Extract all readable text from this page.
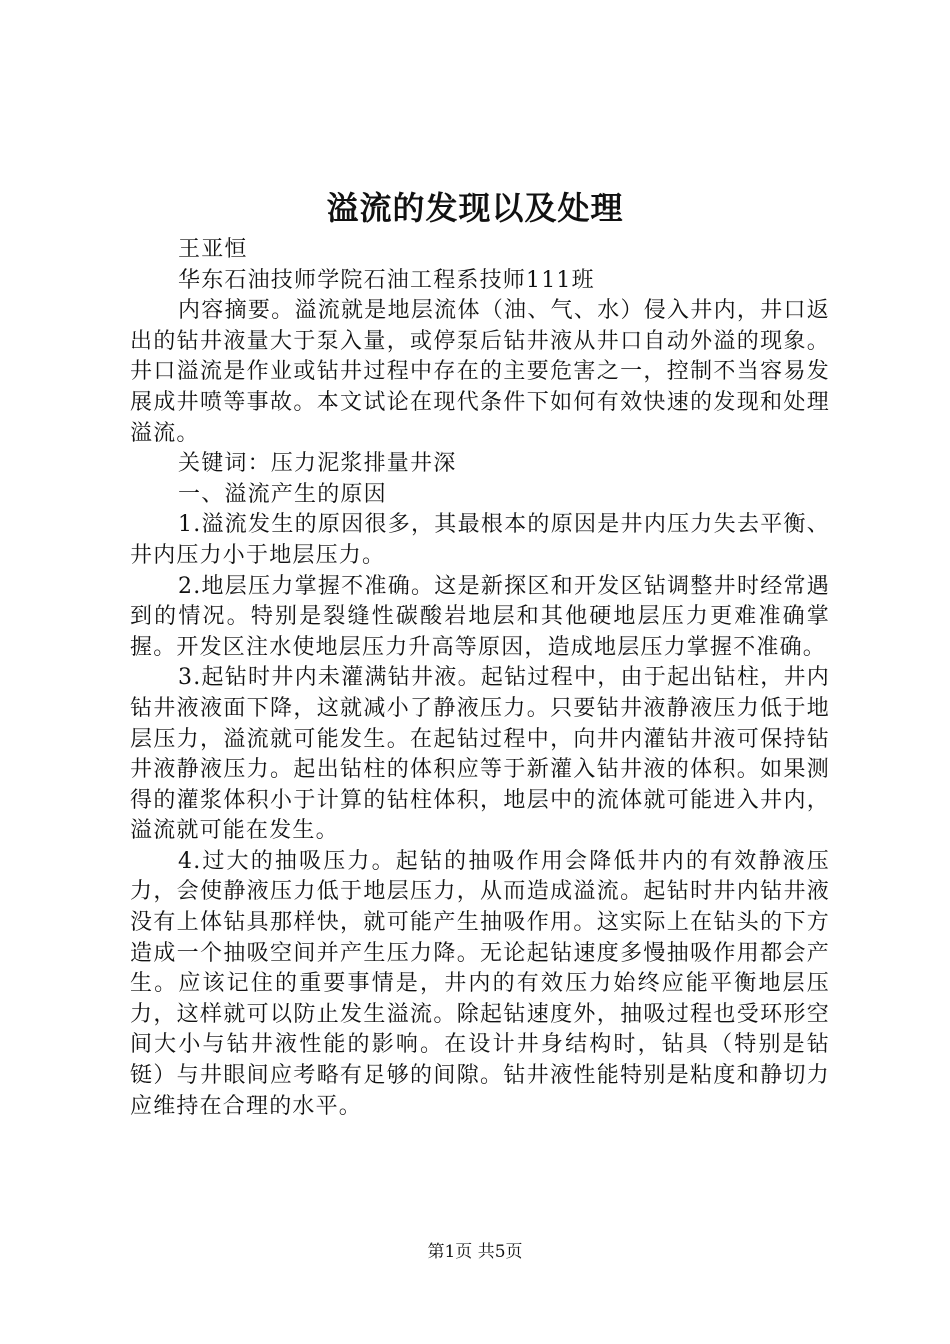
溢流的发现以及处理

王亚恒

华东石油技师学院石油工程系技师111班

内容摘要。溢流就是地层流体（油、气、水）侵入井内，井口返出的钻井液量大于泵入量，或停泵后钻井液从井口自动外溢的现象。井口溢流是作业或钻井过程中存在的主要危害之一，控制不当容易发展成井喷等事故。本文试论在现代条件下如何有效快速的发现和处理溢流。

关键词：压力泥浆排量井深

一、溢流产生的原因

1.溢流发生的原因很多，其最根本的原因是井内压力失去平衡、井内压力小于地层压力。

2.地层压力掌握不准确。这是新探区和开发区钻调整井时经常遇到的情况。特别是裂缝性碳酸岩地层和其他硬地层压力更难准确掌握。开发区注水使地层压力升高等原因，造成地层压力掌握不准确。

3.起钻时井内未灌满钻井液。起钻过程中，由于起出钻柱，井内钻井液液面下降，这就减小了静液压力。只要钻井液静液压力低于地层压力，溢流就可能发生。在起钻过程中，向井内灌钻井液可保持钻井液静液压力。起出钻柱的体积应等于新灌入钻井液的体积。如果测得的灌浆体积小于计算的钻柱体积，地层中的流体就可能进入井内，溢流就可能在发生。

4.过大的抽吸压力。起钻的抽吸作用会降低井内的有效静液压力，会使静液压力低于地层压力，从而造成溢流。起钻时井内钻井液没有上体钻具那样快，就可能产生抽吸作用。这实际上在钻头的下方造成一个抽吸空间并产生压力降。无论起钻速度多慢抽吸作用都会产生。应该记住的重要事情是，井内的有效压力始终应能平衡地层压力，这样就可以防止发生溢流。除起钻速度外，抽吸过程也受环形空间大小与钻井液性能的影响。在设计井身结构时，钻具（特别是钻铤）与井眼间应考略有足够的间隙。钻井液性能特别是粘度和静切力应维持在合理的水平。

第1页 共5页
